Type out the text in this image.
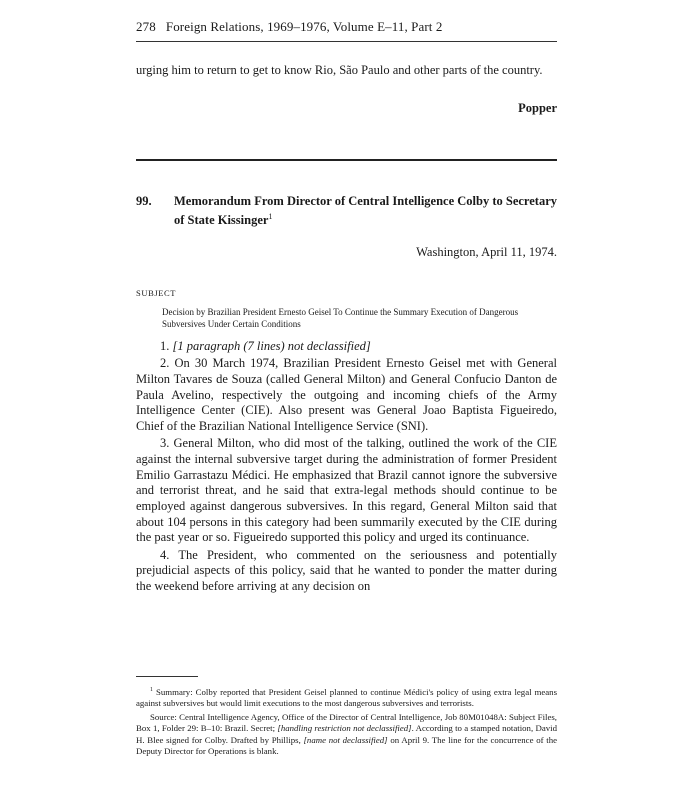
278 Foreign Relations, 1969–1976, Volume E–11, Part 2
urging him to return to get to know Rio, São Paulo and other parts of the country.
Popper
99.	Memorandum From Director of Central Intelligence Colby to Secretary of State Kissinger$^1$
Washington, April 11, 1974.
SUBJECT
Decision by Brazilian President Ernesto Geisel To Continue the Summary Execution of Dangerous Subversives Under Certain Conditions

1. [1 paragraph (7 lines) not declassified]

2. On 30 March 1974, Brazilian President Ernesto Geisel met with General Milton Tavares de Souza (called General Milton) and General Confucio Danton de Paula Avelino, respectively the outgoing and incoming chiefs of the Army Intelligence Center (CIE). Also present was General Joao Baptista Figueiredo, Chief of the Brazilian National Intelligence Service (SNI).

3. General Milton, who did most of the talking, outlined the work of the CIE against the internal subversive target during the administration of former President Emilio Garrastazu Médici. He emphasized that Brazil cannot ignore the subversive and terrorist threat, and he said that extra-legal methods should continue to be employed against dangerous subversives. In this regard, General Milton said that about 104 persons in this category had been summarily executed by the CIE during the past year or so. Figueiredo supported this policy and urged its continuance.

4. The President, who commented on the seriousness and potentially prejudicial aspects of this policy, said that he wanted to ponder the matter during the weekend before arriving at any decision on

$^1$ Summary: Colby reported that President Geisel planned to continue Médici's policy of using extra legal means against subversives but would limit executions to the most dangerous subversives and terrorists.

Source: Central Intelligence Agency, Office of the Director of Central Intelligence, Job 80M01048A: Subject Files, Box 1, Folder 29: B–10: Brazil. Secret; [handling restriction not declassified]. According to a stamped notation, David H. Blee signed for Colby. Drafted by Phillips, [name not declassified] on April 9. The line for the concurrence of the Deputy Director for Operations is blank.
